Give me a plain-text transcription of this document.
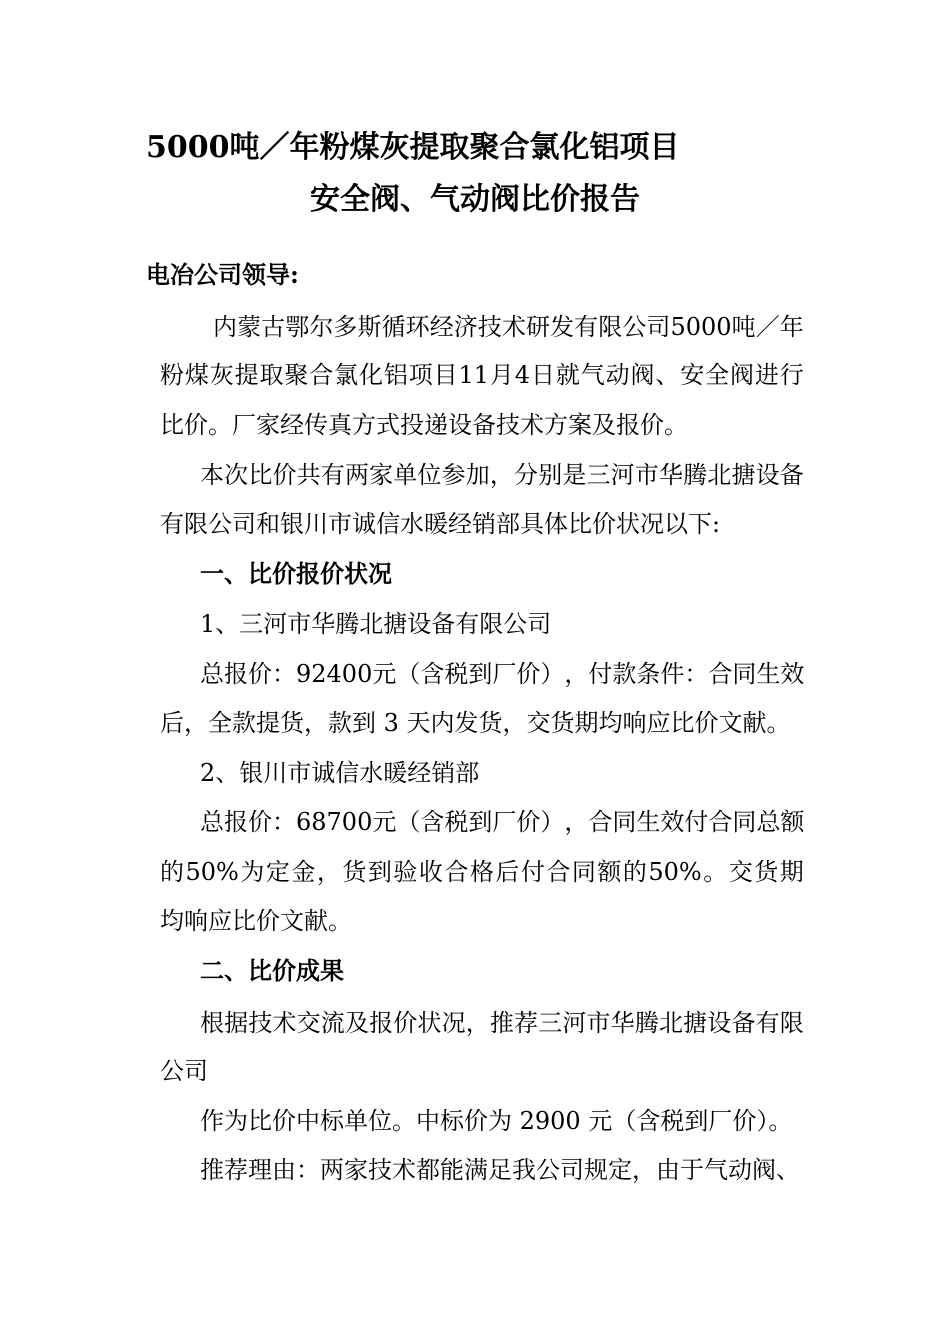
5000吨／年粉煤灰提取聚合氯化铝项目
安全阀、气动阀比价报告
电冶公司领导:
内 蒙 古 鄂 尔 多 斯 循 环 经 济 技 术 研 发 有 限 公 司 5000 吨 ／ 年
粉 煤 灰 提 取 聚 合 氯 化 铝 项 目 11 月 4 日 就 气 动 阀 、 安 全 阀 进 行
比价。厂家经传真方式投递设备技术方案及报价。
本 次 比 价 共 有 两 家 单 位 参 加 ， 分 别 是 三 河 市 华 腾 北 搪 设 备
有限公司和银川市诚信水暖经销部具体比价状况以下:
一、比价报价状况
1、三河市华腾北搪设备有限公司
总 报 价 ： 92400 元 （ 含 税 到 厂 价 ） ， 付 款 条 件 ： 合 同 生 效
后，全款提货，款到 3 天内发货，交货期均响应比价文献。
2、银川市诚信水暖经销部
总 报 价 ： 68700 元 （ 含 税 到 厂 价 ） ， 合 同 生 效 付 合 同 总 额
的 50% 为 定 金 ， 货 到 验 收 合 格 后 付 合 同 额 的 50% 。 交 货 期
均响应比价文献。
二、比价成果
根 据 技 术 交 流 及 报 价 状 况 ， 推 荐 三 河 市 华 腾 北 搪 设 备 有 限
公司
作为比价中标单位。中标价为 2900 元（含税到厂价）。
推荐理由：两家技术都能满足我公司规定，由于气动阀、
